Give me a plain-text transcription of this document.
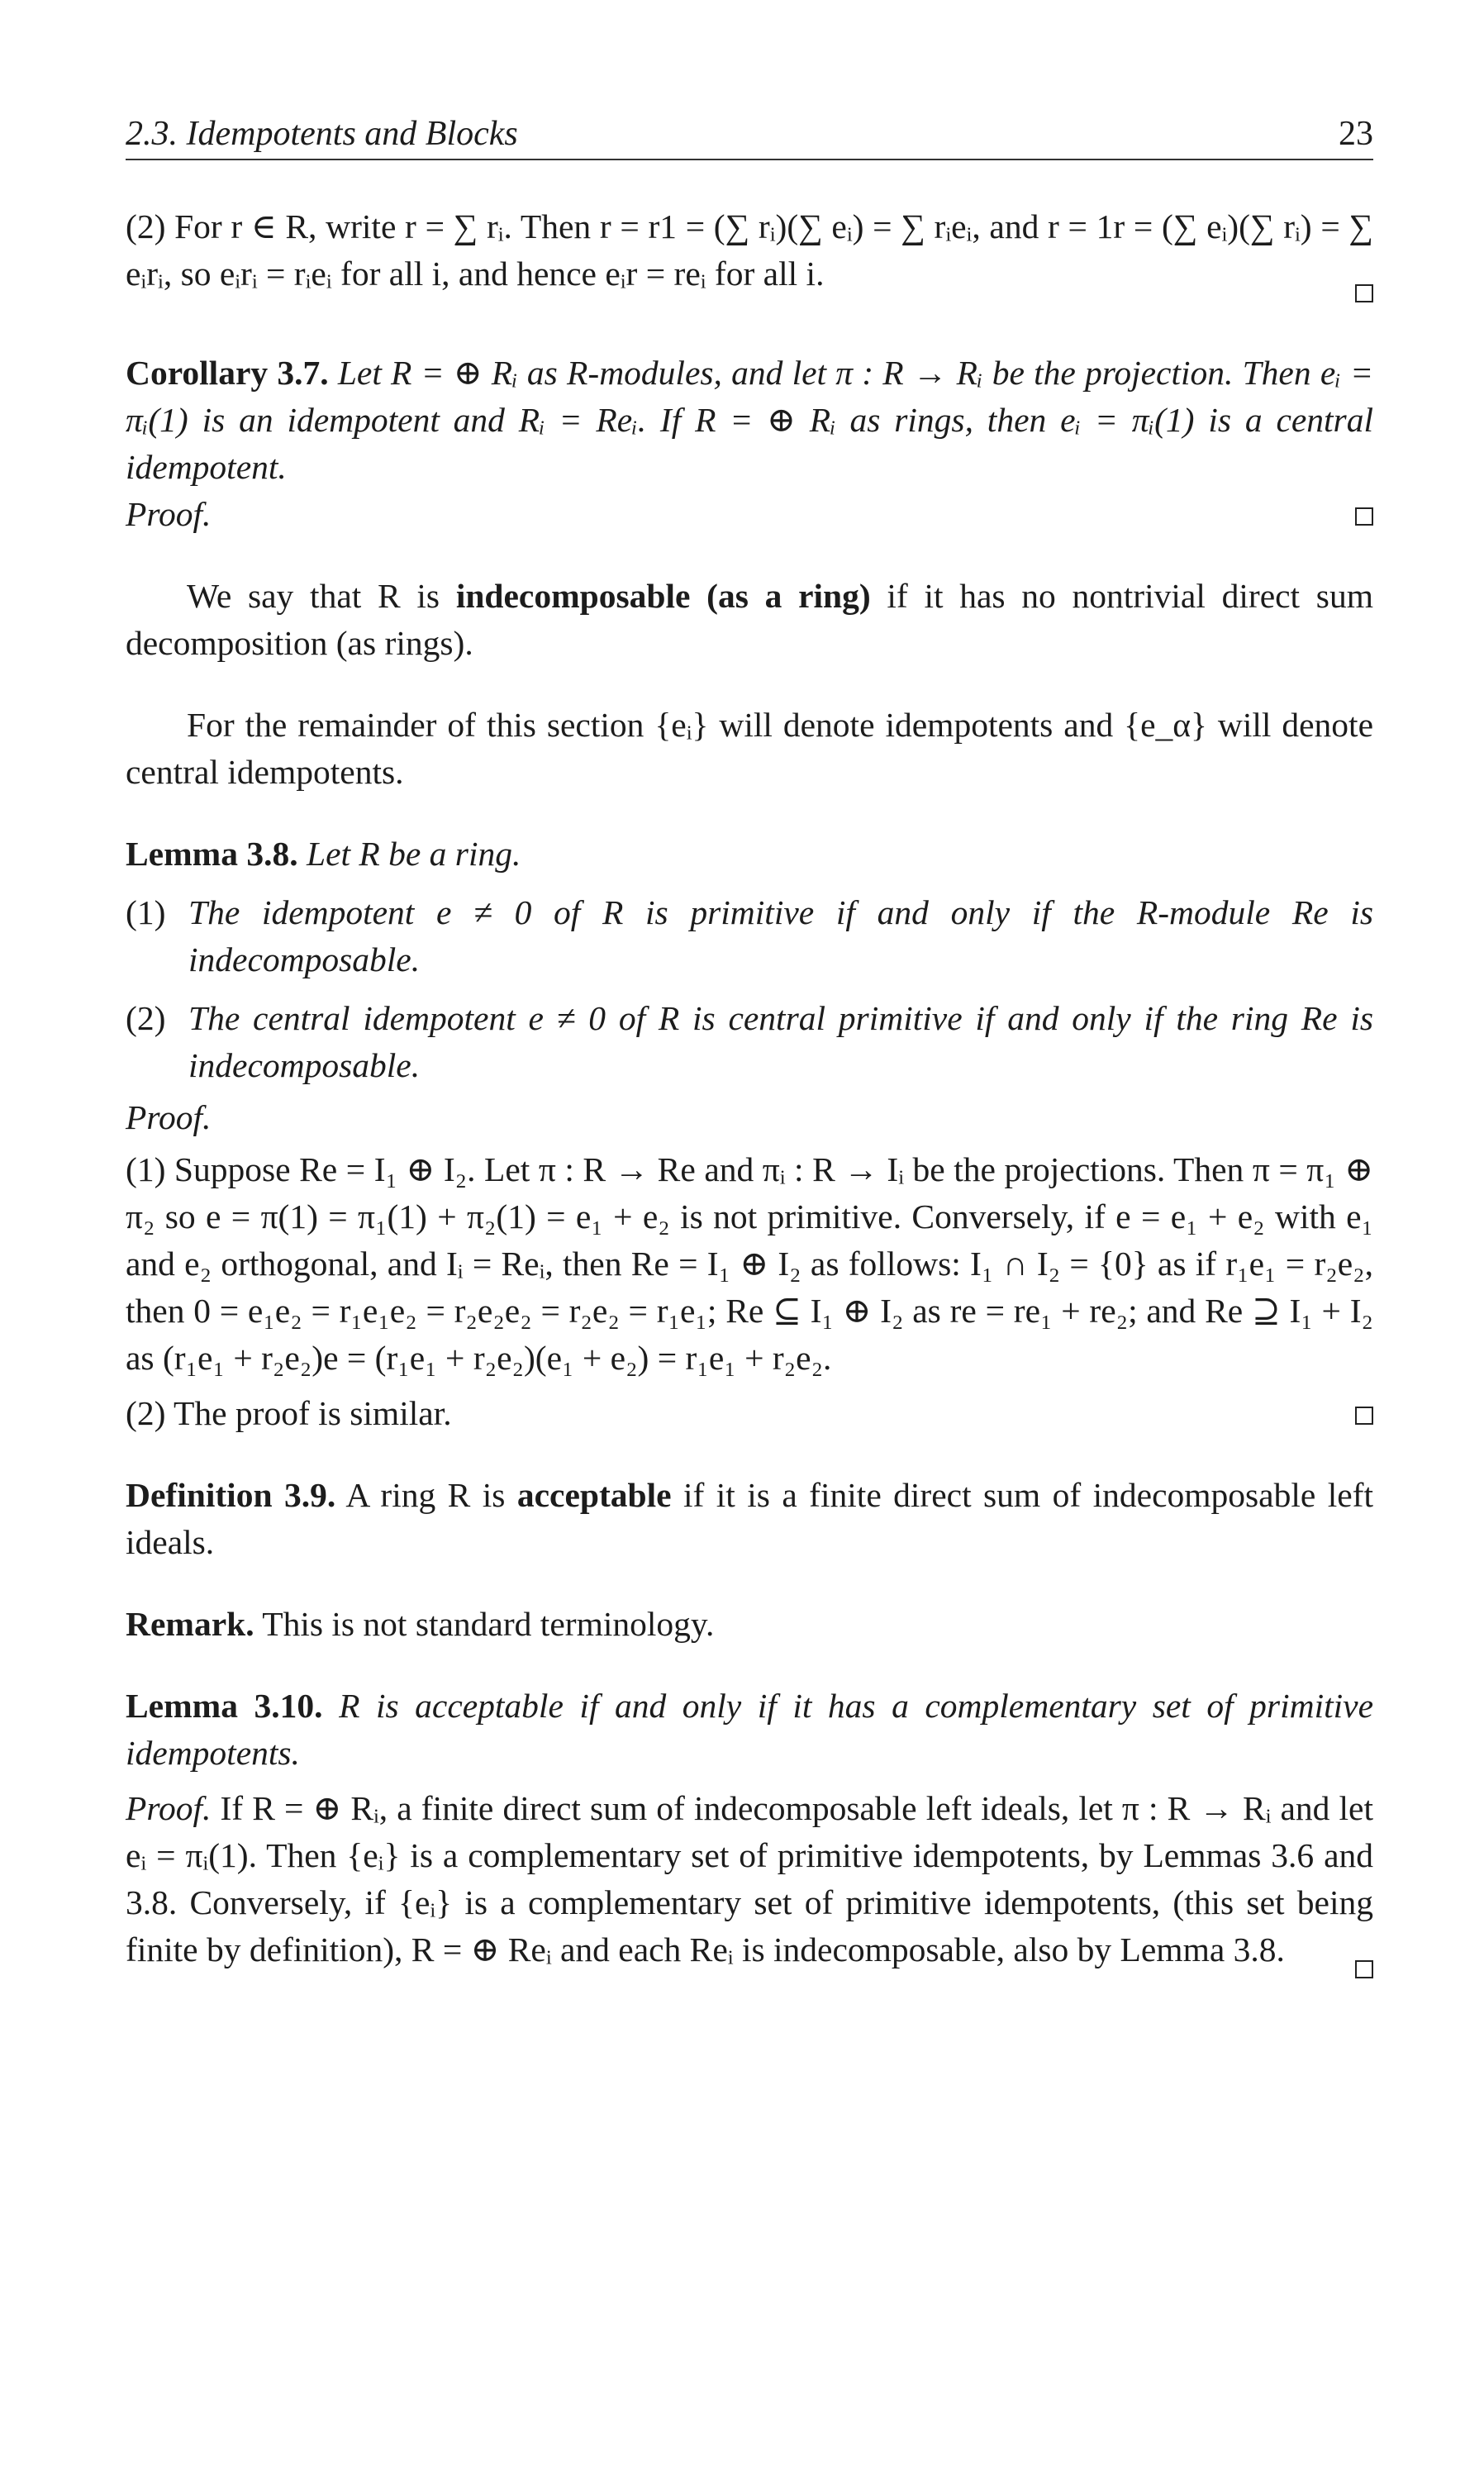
2.3. Idempotents and Blocks	23

(2) For r ∈ R, write r = ∑ rᵢ. Then r = r1 = (∑ rᵢ)(∑ eᵢ) = ∑ rᵢeᵢ, and r = 1r = (∑ eᵢ)(∑ rᵢ) = ∑ eᵢrᵢ, so eᵢrᵢ = rᵢeᵢ for all i, and hence eᵢr = reᵢ for all i.

Corollary 3.7. Let R = ⊕ Rᵢ as R-modules, and let π : R → Rᵢ be the projection. Then eᵢ = πᵢ(1) is an idempotent and Rᵢ = Reᵢ. If R = ⊕ Rᵢ as rings, then eᵢ = πᵢ(1) is a central idempotent.

Proof.

We say that R is indecomposable (as a ring) if it has no nontrivial direct sum decomposition (as rings).

For the remainder of this section {eᵢ} will denote idempotents and {e_α} will denote central idempotents.

Lemma 3.8. Let R be a ring.

(1) The idempotent e ≠ 0 of R is primitive if and only if the R-module Re is indecomposable.
(2) The central idempotent e ≠ 0 of R is central primitive if and only if the ring Re is indecomposable.

Proof.

(1) Suppose Re = I₁ ⊕ I₂. Let π : R → Re and πᵢ : R → Iᵢ be the projections. Then π = π₁ ⊕ π₂ so e = π(1) = π₁(1) + π₂(1) = e₁ + e₂ is not primitive. Conversely, if e = e₁ + e₂ with e₁ and e₂ orthogonal, and Iᵢ = Reᵢ, then Re = I₁ ⊕ I₂ as follows: I₁ ∩ I₂ = {0} as if r₁e₁ = r₂e₂, then 0 = e₁e₂ = r₁e₁e₂ = r₂e₂e₂ = r₂e₂ = r₁e₁; Re ⊆ I₁ ⊕ I₂ as re = re₁ + re₂; and Re ⊇ I₁ + I₂ as (r₁e₁ + r₂e₂)e = (r₁e₁ + r₂e₂)(e₁ + e₂) = r₁e₁ + r₂e₂.

(2) The proof is similar.

Definition 3.9. A ring R is acceptable if it is a finite direct sum of indecomposable left ideals.

Remark. This is not standard terminology.

Lemma 3.10. R is acceptable if and only if it has a complementary set of primitive idempotents.

Proof. If R = ⊕ Rᵢ, a finite direct sum of indecomposable left ideals, let π : R → Rᵢ and let eᵢ = πᵢ(1). Then {eᵢ} is a complementary set of primitive idempotents, by Lemmas 3.6 and 3.8. Conversely, if {eᵢ} is a complementary set of primitive idempotents, (this set being finite by definition), R = ⊕ Reᵢ and each Reᵢ is indecomposable, also by Lemma 3.8.
